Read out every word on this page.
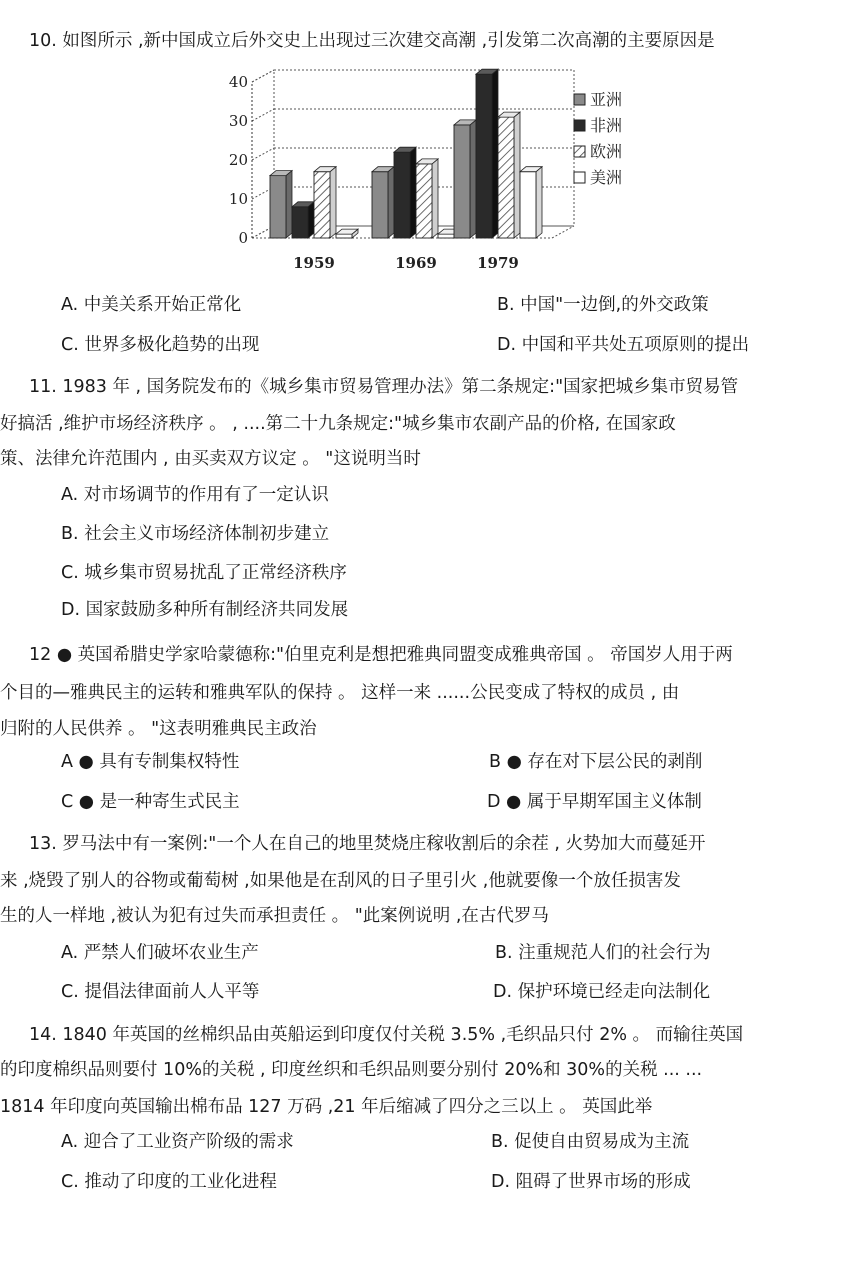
10. 如图所示 ,新中国成立后外交史上出现过三次建交高潮 ,引发第二次高潮的主要原因是
0
10
20
30
40
1959	1969	1979
亚洲
非洲
欧洲
美洲
A. 中美关系开始正常化	B. 中国"一边倒,的外交政策
C. 世界多极化趋势的出现	D. 中国和平共处五项原则的提出
11. 1983 年 , 国务院发布的《城乡集市贸易管理办法》第二条规定:"国家把城乡集市贸易管
好搞活 ,维护市场经济秩序 。 , ....第二十九条规定:"城乡集市农副产品的价格, 在国家政
策、法律允许范围内 , 由买卖双方议定 。 "这说明当时
A. 对市场调节的作用有了一定认识
B. 社会主义市场经济体制初步建立
C. 城乡集市贸易扰乱了正常经济秩序
D. 国家鼓励多种所有制经济共同发展
12 ● 英国希腊史学家哈蒙德称:"伯里克利是想把雅典同盟变成雅典帝国 。 帝国岁人用于两
个目的—雅典民主的运转和雅典军队的保持 。 这样一来 ......公民变成了特权的成员 , 由
归附的人民供养 。 "这表明雅典民主政治
A ● 具有专制集权特性	B ● 存在对下层公民的剥削
C ● 是一种寄生式民主	D ● 属于早期军国主义体制
13. 罗马法中有一案例:"一个人在自己的地里焚烧庄稼收割后的余茬 , 火势加大而蔓延开
来 ,烧毁了别人的谷物或葡萄树 ,如果他是在刮风的日子里引火 ,他就要像一个放任损害发
生的人一样地 ,被认为犯有过失而承担责任 。 "此案例说明 ,在古代罗马
A. 严禁人们破坏农业生产	B. 注重规范人们的社会行为
C. 提倡法律面前人人平等	D. 保护环境已经走向法制化
14. 1840 年英国的丝棉织品由英船运到印度仅付关税 3.5% ,毛织品只付 2% 。 而输往英国
的印度棉织品则要付 10%的关税 , 印度丝织和毛织品则要分别付 20%和 30%的关税 ... ...
1814 年印度向英国输出棉布品 127 万码 ,21 年后缩减了四分之三以上 。 英国此举
A. 迎合了工业资产阶级的需求	B. 促使自由贸易成为主流
C. 推动了印度的工业化进程	D. 阻碍了世界市场的形成
